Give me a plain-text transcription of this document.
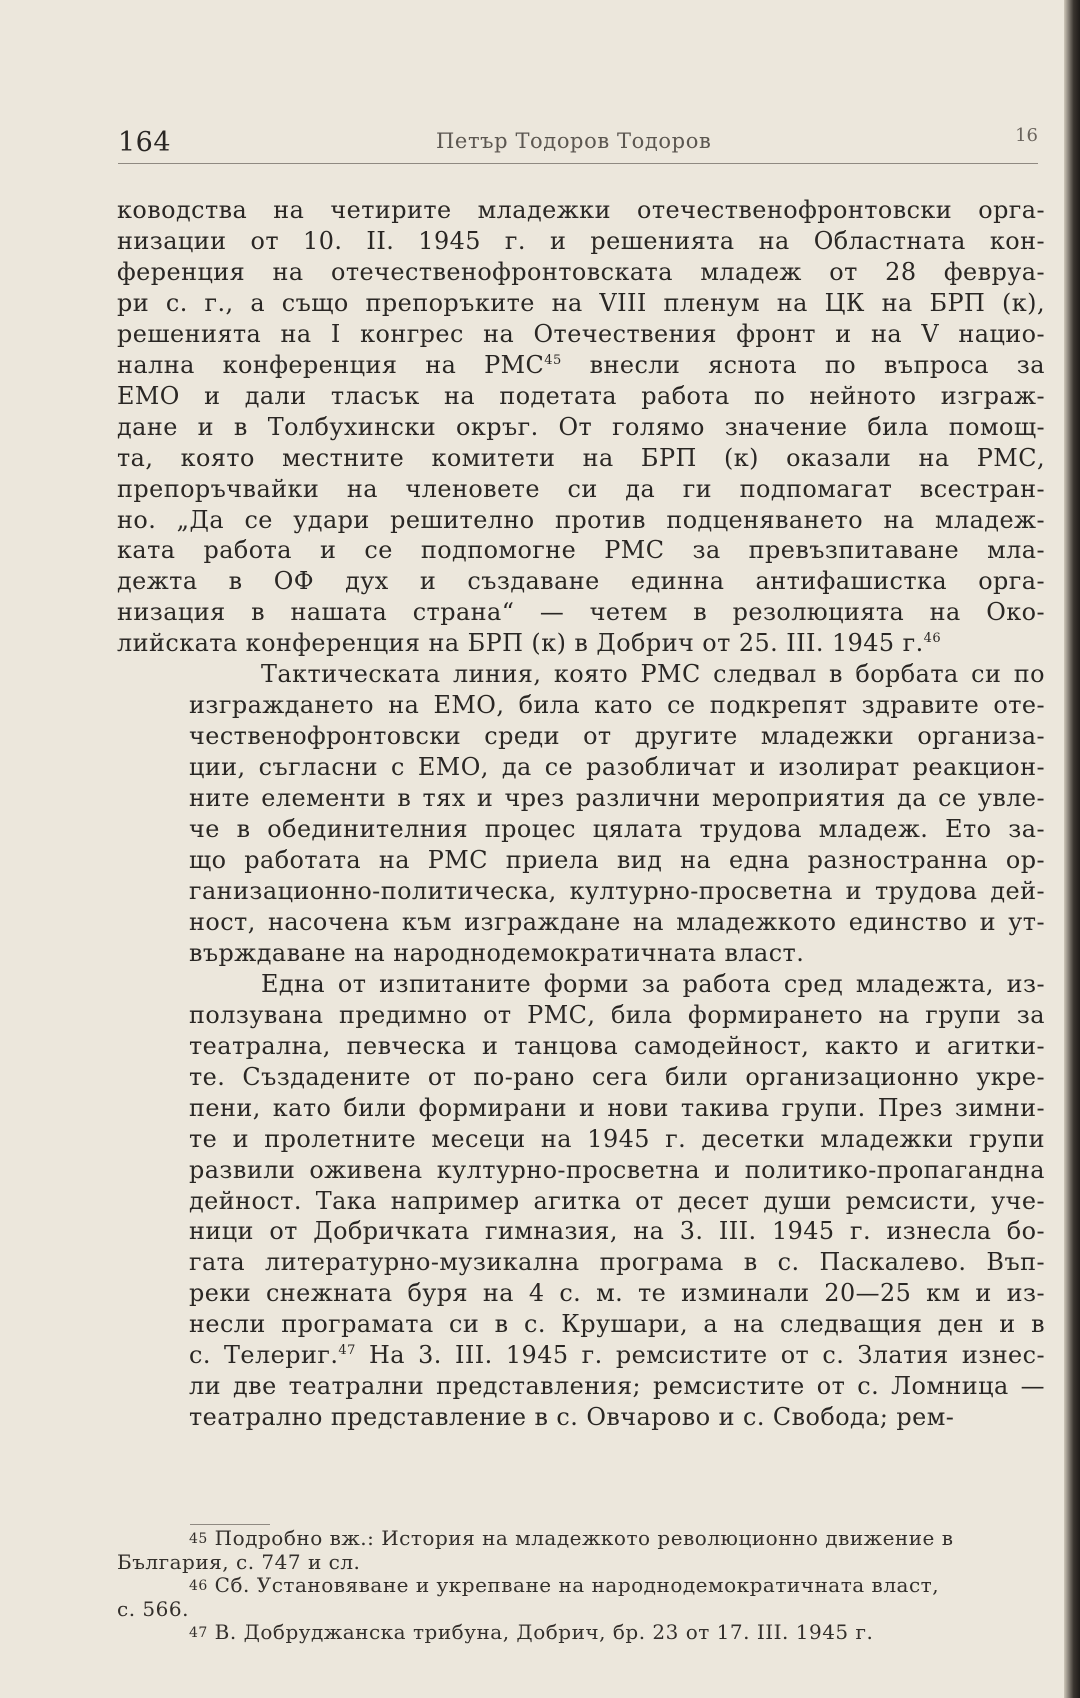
164	Петър Тодоров Тодоров	16
ководства на четирите младежки отечественофронтовски орга-
низации от 10. II. 1945 г. и решенията на Областната кон-
ференция на отечественофронтовската младеж от 28 февруа-
ри с. г., а също препоръките на VIII пленум на ЦК на БРП (к),
решенията на I конгрес на Отечествения фронт и на V нацио-
нална конференция на РМС$^{45}$ внесли яснота по въпроса за
ЕМО и дали тласък на подетата работа по нейното изграж-
дане и в Толбухински окръг. От голямо значение била помощ-
та, която местните комитети на БРП (к) оказали на РМС,
препоръчвайки на членовете си да ги подпомагат всестран-
но. „Да се удари решително против подценяването на младеж-
ката работа и се подпомогне РМС за превъзпитаване мла-
дежта в ОФ дух и създаване единна антифашистка орга-
низация в нашата страна“ — четем в резолюцията на Око-
лийската конференция на БРП (к) в Добрич от 25. III. 1945 г.$^{46}$
Тактическата линия, която РМС следвал в борбата си по
изграждането на ЕМО, била като се подкрепят здравите оте-
чественофронтовски среди от другите младежки организа-
ции, съгласни с ЕМО, да се разобличат и изолират реакцион-
ните елементи в тях и чрез различни мероприятия да се увле-
че в обединителния процес цялата трудова младеж. Ето за-
що работата на РМС приела вид на една разностранна ор-
ганизационно-политическа, културно-просветна и трудова дей-
ност, насочена към изграждане на младежкото единство и ут-
върждаване на народнодемократичната власт.
Една от изпитаните форми за работа сред младежта, из-
ползувана предимно от РМС, била формирането на групи за
театрална, певческа и танцова самодейност, както и агитки-
те. Създадените от по-рано сега били организационно укре-
пени, като били формирани и нови такива групи. През зимни-
те и пролетните месеци на 1945 г. десетки младежки групи
развили оживена културно-просветна и политико-пропагандна
дейност. Така например агитка от десет души ремсисти, уче-
ници от Добричката гимназия, на 3. III. 1945 г. изнесла бо-
гата литературно-музикална програма в с. Паскалево. Въп-
реки снежната буря на 4 с. м. те изминали 20—25 км и из-
несли програмата си в с. Крушари, а на следващия ден и в
с. Телериг.$^{47}$ На 3. III. 1945 г. ремсистите от с. Златия изнес-
ли две театрални представления; ремсистите от с. Ломница —
театрално представление в с. Овчарово и с. Свобода; рем-
45 Подробно вж.: История на младежкото революционно движение в
България, с. 747 и сл.
46 Сб. Установяване и укрепване на народнодемократичната власт,
с. 566.
47 В. Добруджанска трибуна, Добрич, бр. 23 от 17. III. 1945 г.
